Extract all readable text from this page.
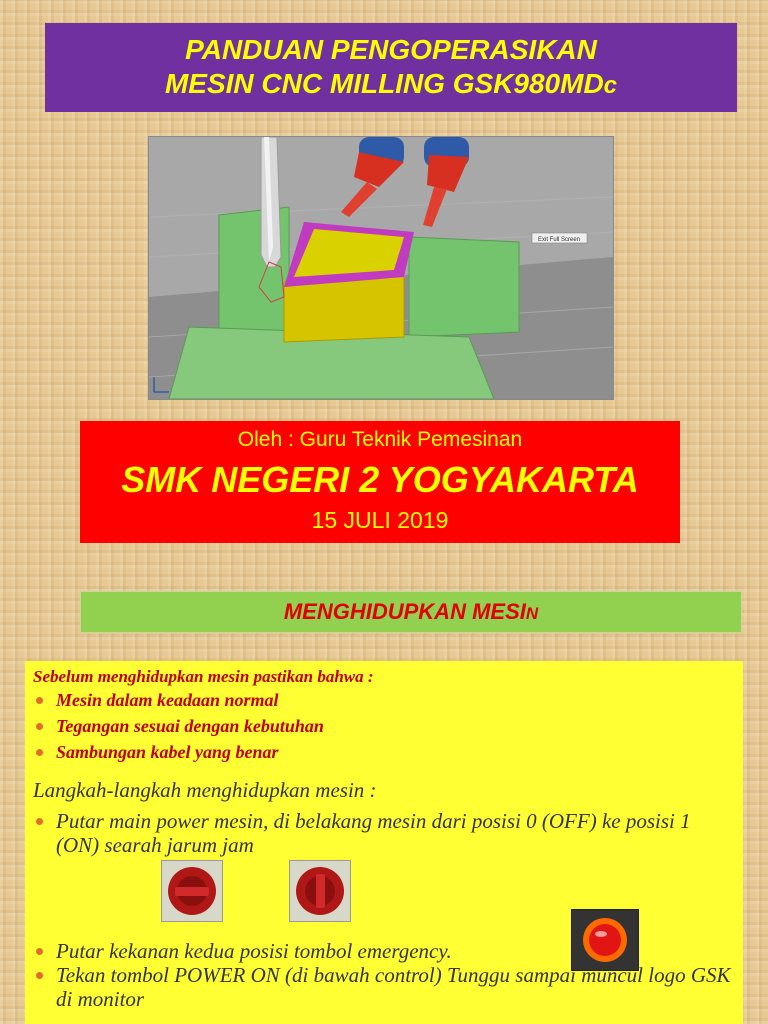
PANDUAN PENGOPERASIKAN
MESIN CNC MILLING GSK980MDc
Exit Full Screen
Oleh : Guru Teknik Pemesinan
SMK NEGERI 2 YOGYAKARTA
15 JULI 2019
MENGHIDUPKAN MESIN
Sebelum menghidupkan mesin pastikan bahwa :
Mesin dalam keadaan normal
Tegangan sesuai dengan kebutuhan
Sambungan kabel yang benar
Langkah-langkah menghidupkan mesin :
Putar main power mesin, di belakang mesin dari posisi 0 (OFF) ke posisi 1 (ON) searah jarum jam
Putar kekanan kedua posisi tombol emergency.
Tekan tombol POWER ON (di bawah control) Tunggu sampai muncul logo GSK di monitor
